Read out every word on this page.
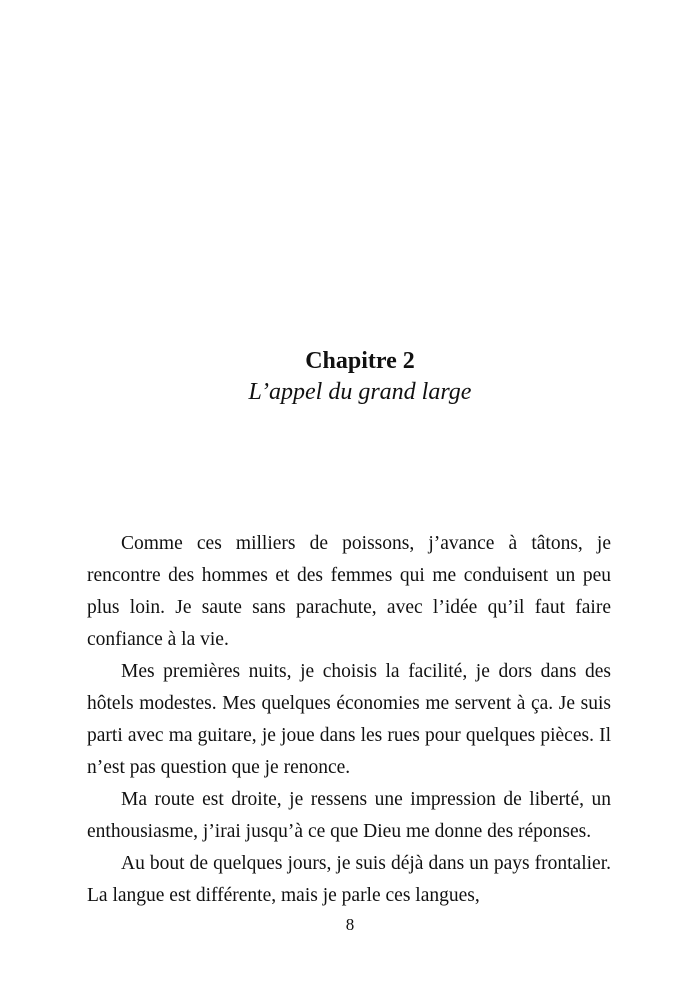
Chapitre 2
L’appel du grand large

Comme ces milliers de poissons, j’avance à tâtons, je rencontre des hommes et des femmes qui me conduisent un peu plus loin. Je saute sans parachute, avec l’idée qu’il faut faire confiance à la vie.

Mes premières nuits, je choisis la facilité, je dors dans des hôtels modestes. Mes quelques économies me servent à ça. Je suis parti avec ma guitare, je joue dans les rues pour quelques pièces. Il n’est pas question que je renonce.

Ma route est droite, je ressens une impression de liberté, un enthousiasme, j’irai jusqu’à ce que Dieu me donne des réponses.

Au bout de quelques jours, je suis déjà dans un pays frontalier. La langue est différente, mais je parle ces langues,

8
